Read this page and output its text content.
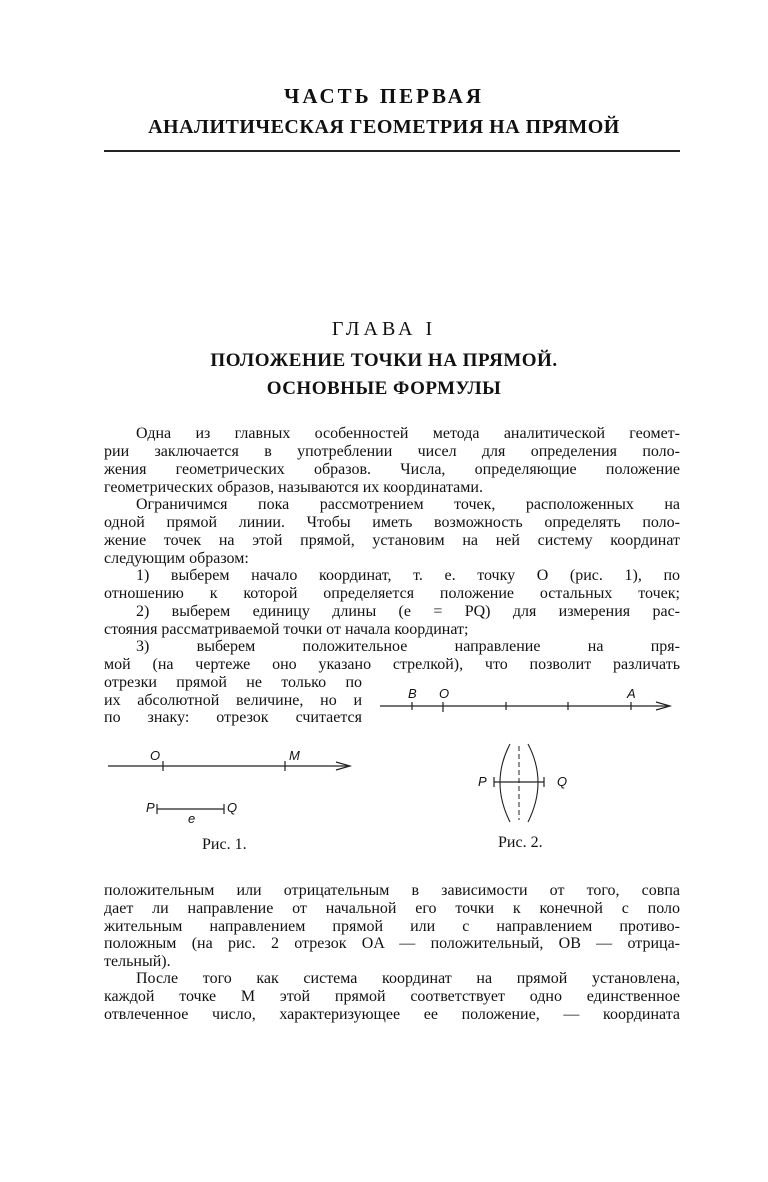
ЧАСТЬ ПЕРВАЯ
АНАЛИТИЧЕСКАЯ ГЕОМЕТРИЯ НА ПРЯМОЙ
ГЛАВА I
ПОЛОЖЕНИЕ ТОЧКИ НА ПРЯМОЙ.
ОСНОВНЫЕ ФОРМУЛЫ
Одна из главных особенностей метода аналитической геомет-
рии заключается в употреблении чисел для определения поло-
жения геометрических образов. Числа, определяющие положение
геометрических образов, называются их координатами.
Ограничимся пока рассмотрением точек, расположенных на
одной прямой линии. Чтобы иметь возможность определять поло-
жение точек на этой прямой, установим на ней систему координат
следующим образом:
1) выберем начало координат, т. е. точку O (рис. 1), по
отношению к которой определяется положение остальных точек;
2) выберем единицу длины (e = PQ) для измерения рас-
стояния рассматриваемой точки от начала координат;
3) выберем положительное направление на пря-
мой (на чертеже оно указано стрелкой), что позволит различать
отрезки прямой не только по
их абсолютной величине, но и
по знаку: отрезок считается
B O	A
O	M
P
e
Q
Рис. 1.
P	Q
Рис. 2.
положительным или отрицательным в зависимости от того, совпа
дает ли направление от начальной его точки к конечной с поло
жительным направлением прямой или с направлением противо-
положным (на рис. 2 отрезок OA — положительный, OB — отрица-
тельный).
После того как система координат на прямой установлена,
каждой точке M этой прямой соответствует одно единственное
отвлеченное число, характеризующее ее положение, — координата
